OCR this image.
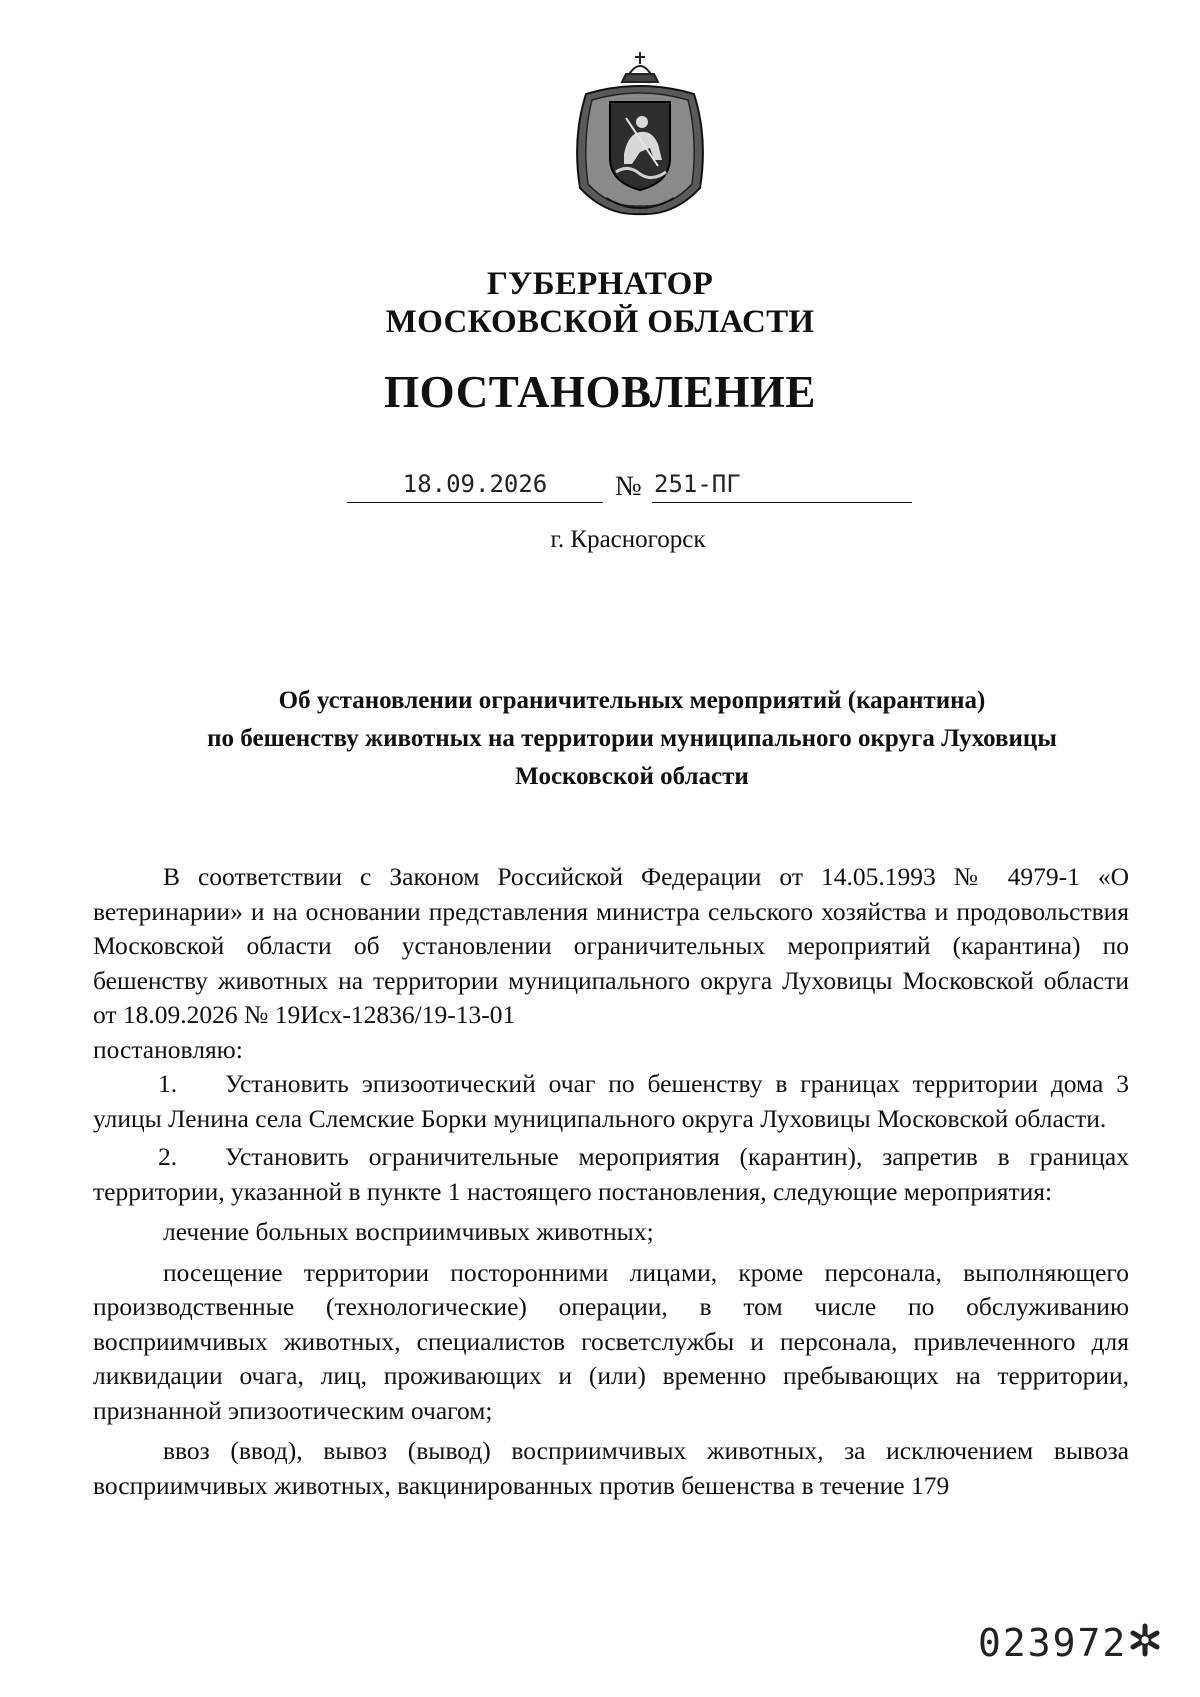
ГУБЕРНАТОР
МОСКОВСКОЙ ОБЛАСТИ
ПОСТАНОВЛЕНИЕ
18.09.2026	№ 251-ПГ
г. Красногорск
Об установлении ограничительных мероприятий (карантина)
по бешенству животных на территории муниципального округа Луховицы
Московской области

В соответствии с Законом Российской Федерации от 14.05.1993 № 4979-1 «О ветеринарии» и на основании представления министра сельского хозяйства и продовольствия Московской области об установлении ограничительных мероприятий (карантина) по бешенству животных на территории муниципального округа Луховицы Московской области от 18.09.2026 № 19Исх-12836/19-13-01

постановляю:

1. Установить эпизоотический очаг по бешенству в границах территории дома 3 улицы Ленина села Слемские Борки муниципального округа Луховицы Московской области.

2. Установить ограничительные мероприятия (карантин), запретив в границах территории, указанной в пункте 1 настоящего постановления, следующие мероприятия:

лечение больных восприимчивых животных;

посещение территории посторонними лицами, кроме персонала, выполняющего производственные (технологические) операции, в том числе по обслуживанию восприимчивых животных, специалистов госветслужбы и персонала, привлеченного для ликвидации очага, лиц, проживающих и (или) временно пребывающих на территории, признанной эпизоотическим очагом;

ввоз (ввод), вывоз (вывод) восприимчивых животных, за исключением вывоза восприимчивых животных, вакцинированных против бешенства в течение 179

023972
